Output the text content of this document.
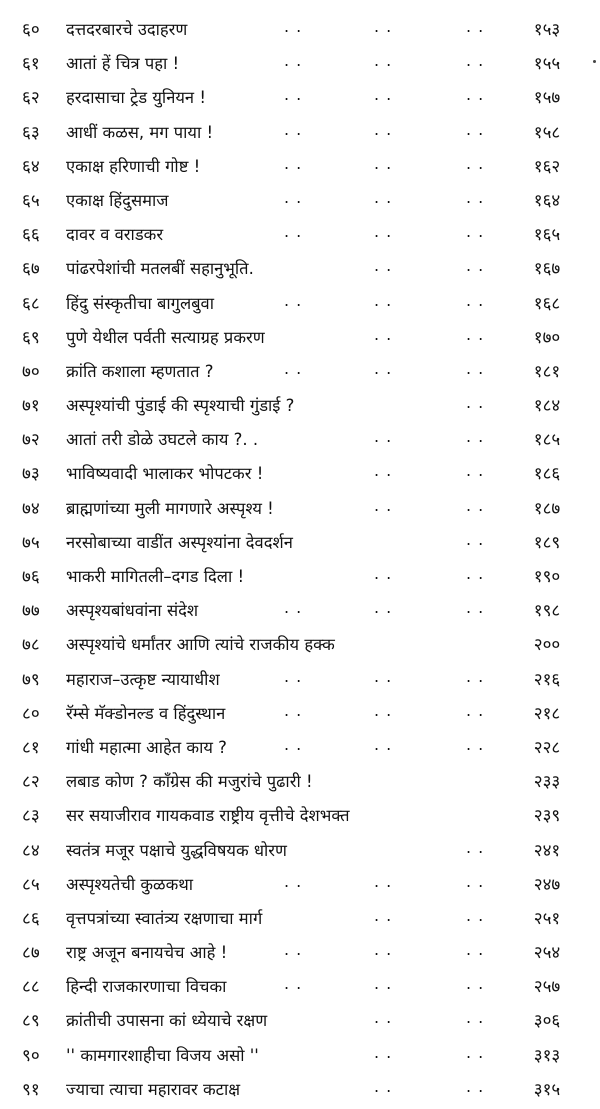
६० दत्तदरबारचे उदाहरण	. .	. .	. .	१५३
६१ आतां हें चित्र पहा !	. .	. .	. .	१५५
६२ हरदासाचा ट्रेड युनियन !	. .	. .	. .	१५७
६३ आधीं कळस, मग पाया !	. .	. .	. .	१५८
६४ एकाक्ष हरिणाची गोष्ट !	. .	. .	. .	१६२
६५ एकाक्ष हिंदुसमाज	. .	. .	. .	१६४
६६ दावर व वराडकर	. .	. .	. .	१६५
६७ पांढरपेशांची मतलबीं सहानुभूति.	. .	. .	१६७
६८ हिंदु संस्कृतीचा बागुलबुवा	. .	. .	. .	१६८
६९ पुणे येथील पर्वती सत्याग्रह प्रकरण	. .	. .	१७०
७० क्रांति कशाला म्हणतात ?	. .	. .	. .	१८१
७१ अस्पृश्यांची पुंडाई की स्पृश्याची गुंडाई ?	. .	१८४
७२ आतां तरी डोळे उघटले काय ?. .	. .	. .	१८५
७३ भाविष्यवादी भालाकर भोपटकर !	. .	. .	१८६
७४ ब्राह्मणांच्या मुली मागणारे अस्पृश्य !	. .	. .	१८७
७५ नरसोबाच्या वाडींत अस्पृश्यांना देवदर्शन	. .	१८९
७६ भाकरी मागितली–दगड दिला !	. .	. .	१९०
७७ अस्पृश्यबांधवांना संदेश	. .	. .	. .	१९८
७८ अस्पृश्यांचे धर्मांतर आणि त्यांचे राजकीय हक्क	२००
७९ महाराज–उत्कृष्ट न्यायाधीश	. .	. .	. .	२१६
८० रॅम्से मॅक्डोनल्ड व हिंदुस्थान	. .	. .	. .	२१८
८१ गांधी महात्मा आहेत काय ?	. .	. .	. .	२२८
८२ लबाड कोण ? कॉंग्रेस की मजुरांचे पुढारी !	२३३
८३ सर सयाजीराव गायकवाड राष्ट्रीय वृत्तीचे देशभक्त	२३९
८४ स्वतंत्र मजूर पक्षाचे युद्धविषयक धोरण	. .	२४१
८५ अस्पृश्यतेची कुळकथा	. .	. .	. .	२४७
८६ वृत्तपत्रांच्या स्वातंत्र्य रक्षणाचा मार्ग	. .	. .	२५१
८७ राष्ट्र अजून बनायचेच आहे !	. .	. .	. .	२५४
८८ हिन्दी राजकारणाचा विचका	. .	. .	. .	२५७
८९ क्रांतीची उपासना कां ध्येयाचे रक्षण	. .	. .	३०६
९० '' कामगारशाहीचा विजय असो ''	. .	. .	३१३
९१ ज्याचा त्याचा महारावर कटाक्ष	. .	. .	३१५
